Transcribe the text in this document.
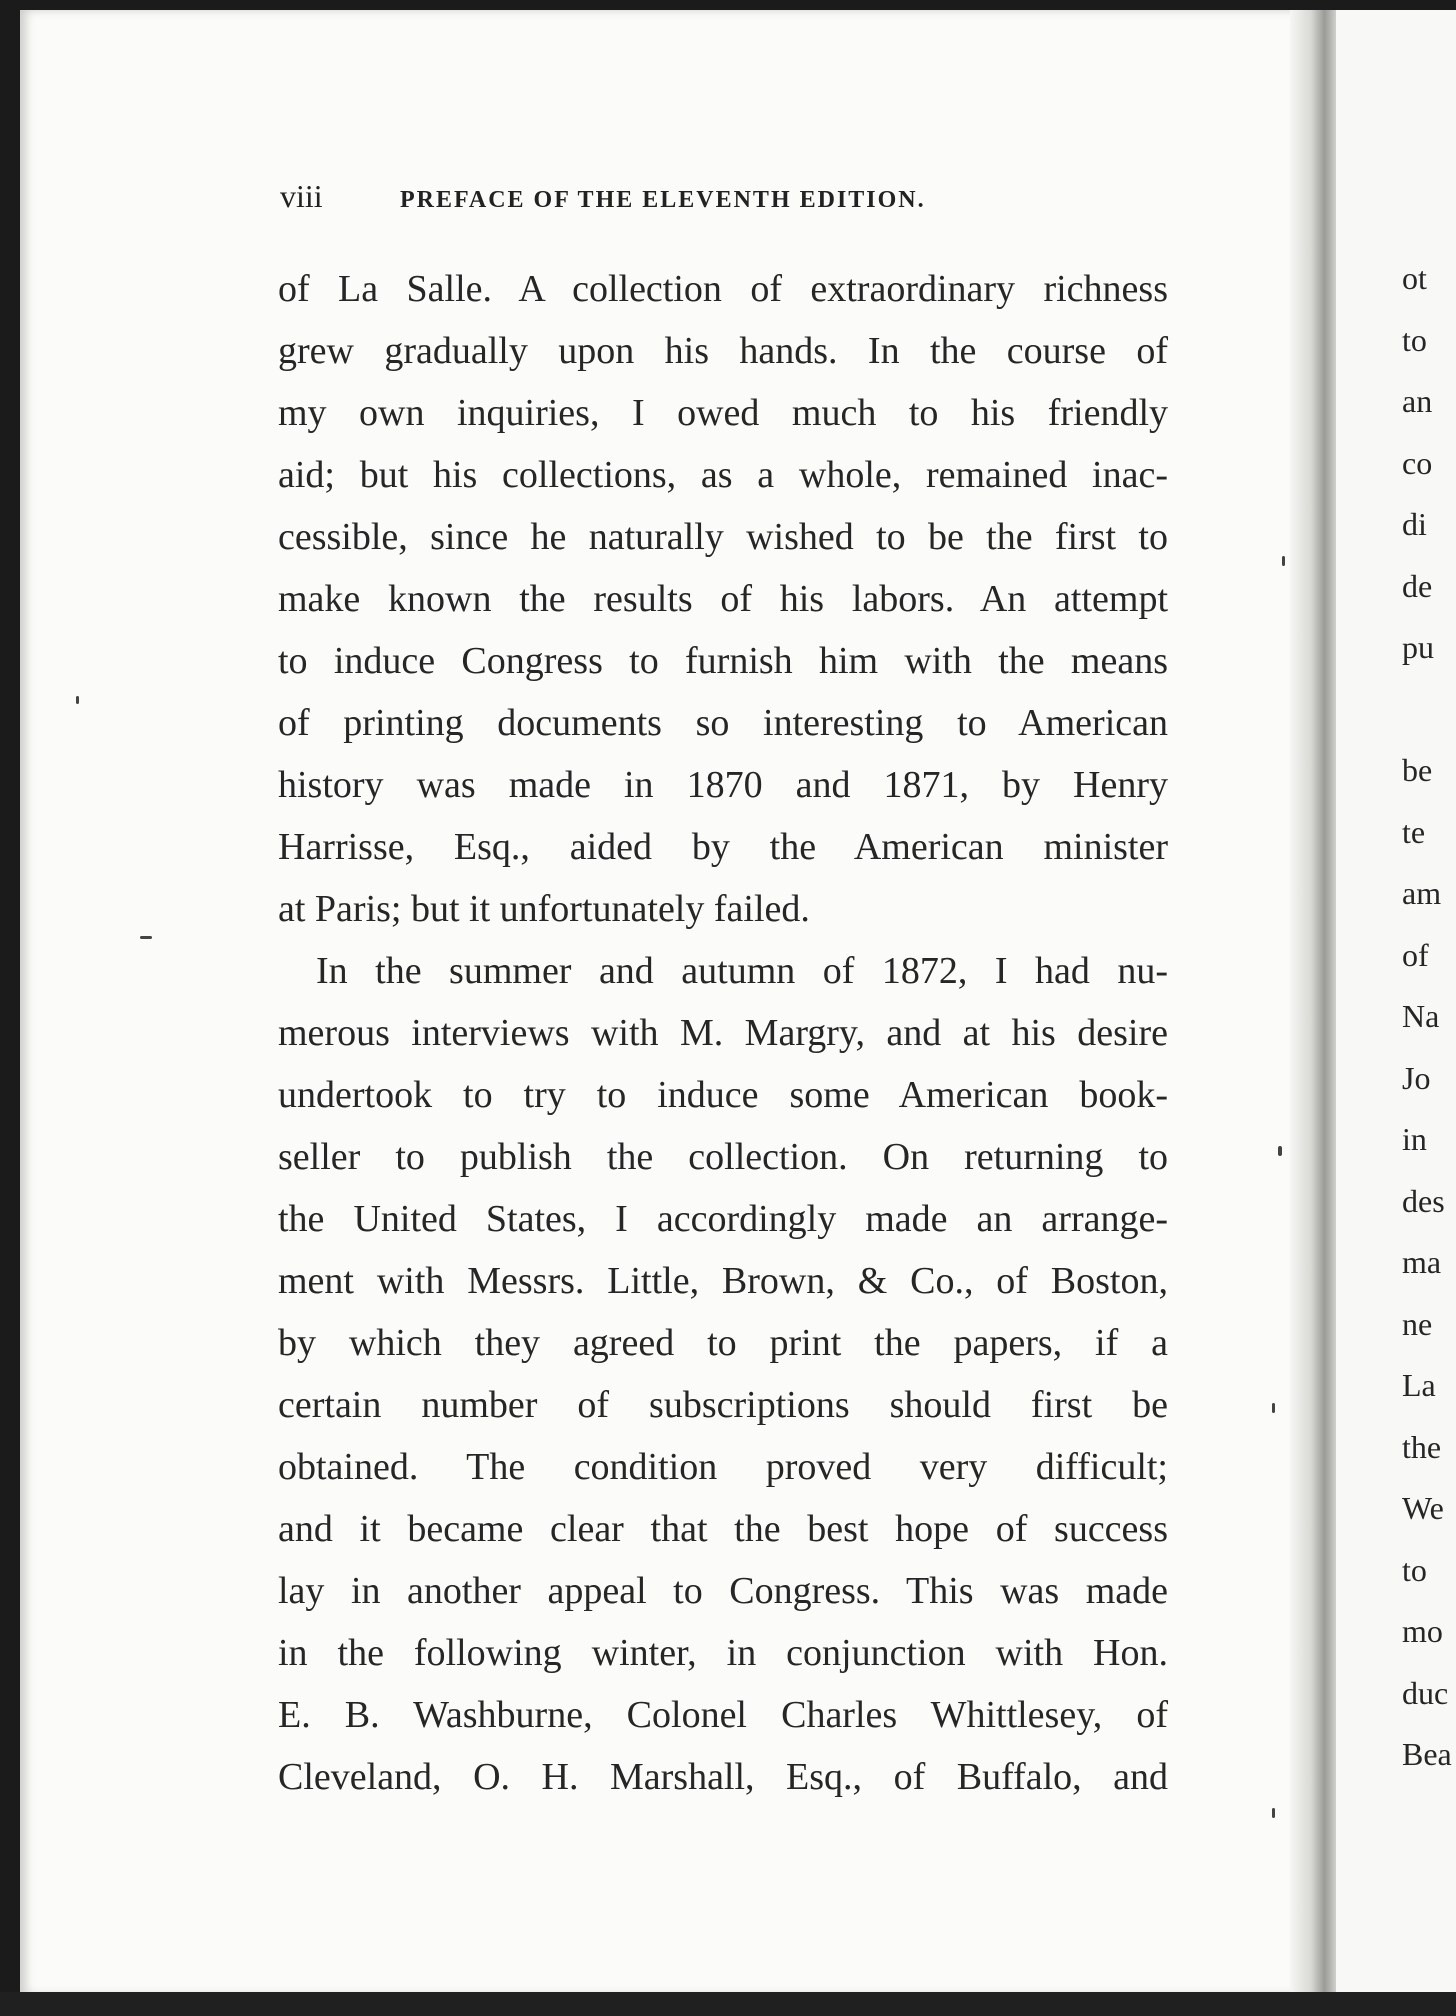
viii	PREFACE OF THE ELEVENTH EDITION.
of La Salle. A collection of extraordinary richness
grew gradually upon his hands. In the course of
my own inquiries, I owed much to his friendly
aid; but his collections, as a whole, remained inac-
cessible, since he naturally wished to be the first to
make known the results of his labors. An attempt
to induce Congress to furnish him with the means
of printing documents so interesting to American
history was made in 1870 and 1871, by Henry
Harrisse, Esq., aided by the American minister
at Paris; but it unfortunately failed.
In the summer and autumn of 1872, I had nu-
merous interviews with M. Margry, and at his desire
undertook to try to induce some American book-
seller to publish the collection. On returning to
the United States, I accordingly made an arrange-
ment with Messrs. Little, Brown, & Co., of Boston,
by which they agreed to print the papers, if a
certain number of subscriptions should first be
obtained. The condition proved very difficult;
and it became clear that the best hope of success
lay in another appeal to Congress. This was made
in the following winter, in conjunction with Hon.
E. B. Washburne, Colonel Charles Whittlesey, of
Cleveland, O. H. Marshall, Esq., of Buffalo, and
ot
to
an
co
di
de
pu
be
te
am
of
Na
Jo
in
des
ma
ne
La
the
We
to
mo
duc
Bea
